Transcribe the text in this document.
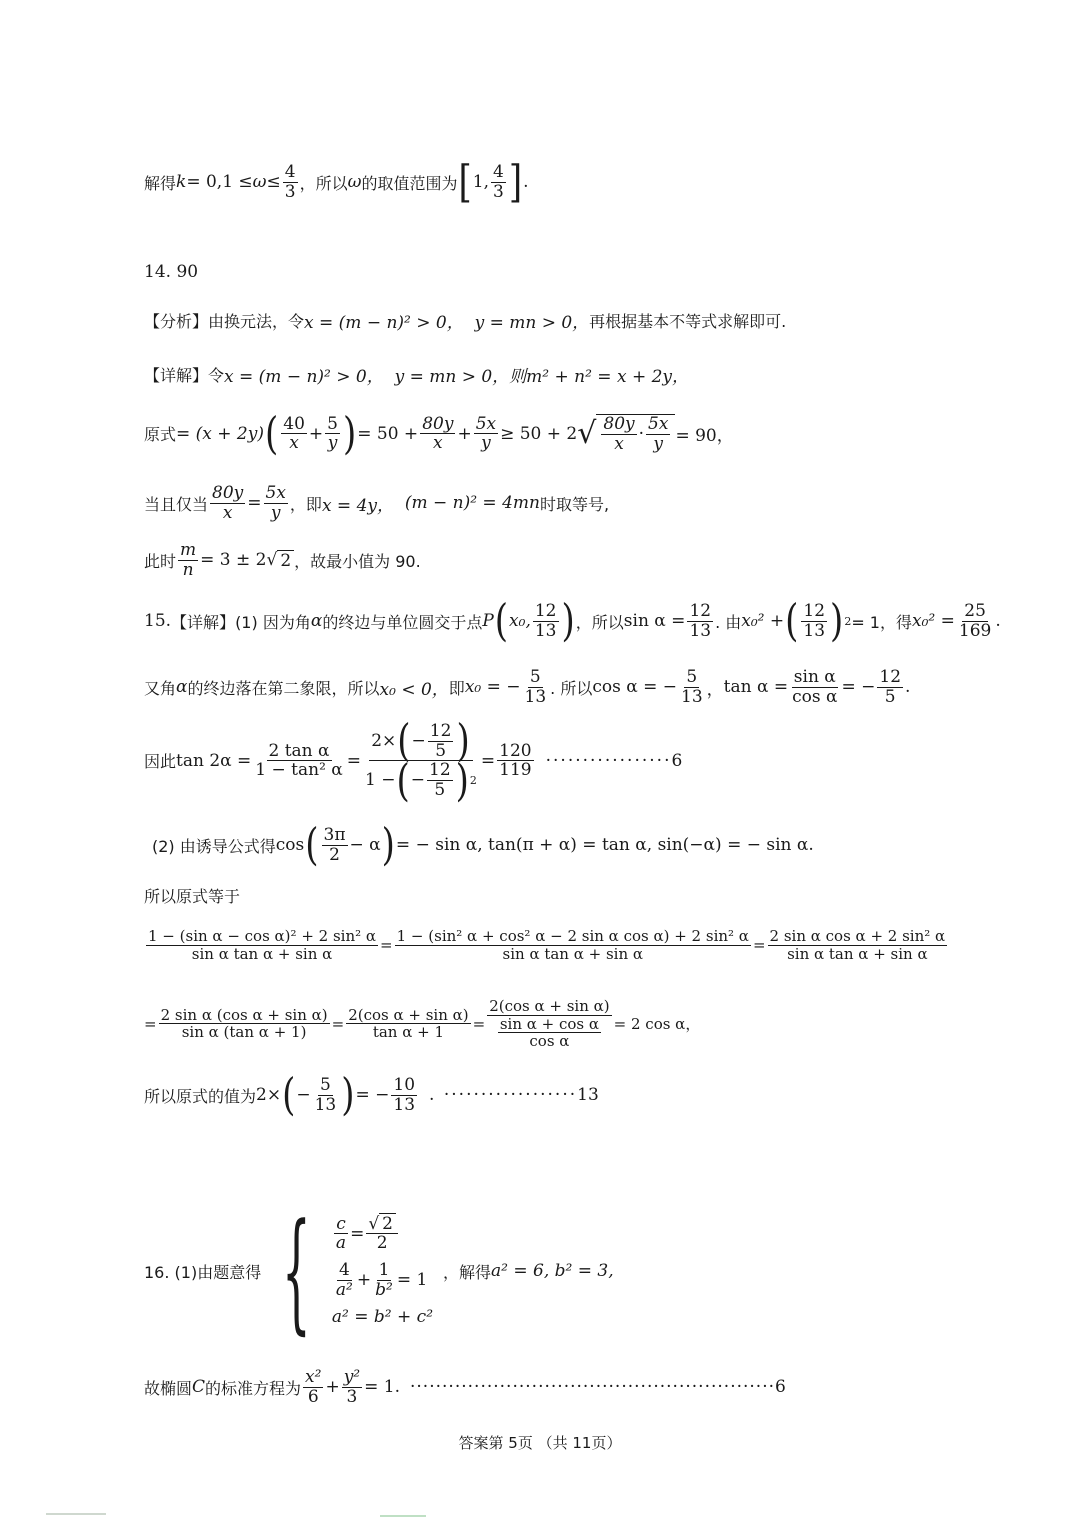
解得 $k = 0,1 \le \omega \le \frac{4}{3}$ ，所以 ω 的取值范围为 [ 1, $\frac{4}{3}$ ] .
14. 90
【分析】 由换元法，令 x = (m − n)² > 0，
y = mn > 0， 再根据基本不等式求解即可.
【详解】 令 x = (m − n)² > 0，
y = mn > 0，则 m² + n² = x + 2y，
原式 = (x + 2y) ( $\frac{40}{x} + \frac{5}{y}$ ) = $50 + \frac{80y}{x} + \frac{5x}{y} \ge 50 + 2$ √ $\frac{80y}{x} \cdot \frac{5x}{y} = 90$，
当且仅当 $\frac{80y}{x} = \frac{5x}{y}$ ，即 x = 4y，
(m − n)² = 4mn 时取等号,
此时 $\frac{m}{n} = 3 \pm 2$ √ 2 ，故最小值为 90.
15. 【详解】 (1) 因为角 α 的终边与单位圆交于点 P ( x₀, $\frac{12}{13}$ ) ，所以 $\sin \alpha = \frac{12}{13}$ . 由 x₀² + ( $\frac{12}{13}$ ) 2 = 1，得 $x_0^2 = \frac{25}{169}$ .
又角 α 的终边落在第二象限，所以 x₀ < 0， 即 x₀ = − $\frac{5}{13}$ . 所以 cos α = − $\frac{5}{13}$ ， $\tan \alpha = \frac{\text{sin α}}{\text{cos α}}$ = − $\frac{12}{5}$ .
因此 $\tan 2\alpha = \frac{\text{2 tan α}}{\text{1 − tan² α}} = \frac{2\times ( - \frac{12}{5} )}{1 - ( - \frac{12}{5} ) 2} = \frac{120}{119}$ ················· 6
(2) 由诱导公式得 cos ( $\frac{3\pi}{2} - \alpha$ ) = − sin α, tan(π + α) = tan α, sin(−α) = − sin α .
所以原式等于
$\frac{\text{1 − (sin α − cos α)² + 2 sin² α}}{\text{sin α tan α + sin α}} = \frac{\text{1 − (sin² α + cos² α − 2 sin α cos α) + 2 sin² α}}{\text{sin α tan α + sin α}} = \frac{\text{2 sin α cos α + 2 sin² α}}{\text{sin α tan α + sin α}}$
= $\frac{\text{2 sin α (cos α + sin α)}}{\text{sin α (tan α + 1)}} = \frac{\text{2(cos α + sin α)}}{\text{tan α + 1}} = \frac{\text{2(cos α + sin α)}}{\frac{\text{sin α + cos α}}{\text{cos α}}} = 2$ cos α ，
所以原式的值为 2× ( − $\frac{5}{13}$ ) = − $\frac{10}{13}$ . ·················· 13
16. (1)由题意得 { $\frac{c}{a} = \frac{√ 2}{2}$
$\frac{4}{\text{a²}} + \frac{1}{\text{b²}} = 1$
a² = b² + c²
，解得 a² = 6, b² = 3,
故椭圆 C 的标准方程为 $\frac{\text{x²}}{6} + \frac{\text{y²}}{3} = 1$. ························································· 6
答案第 5页 （共 11页）
